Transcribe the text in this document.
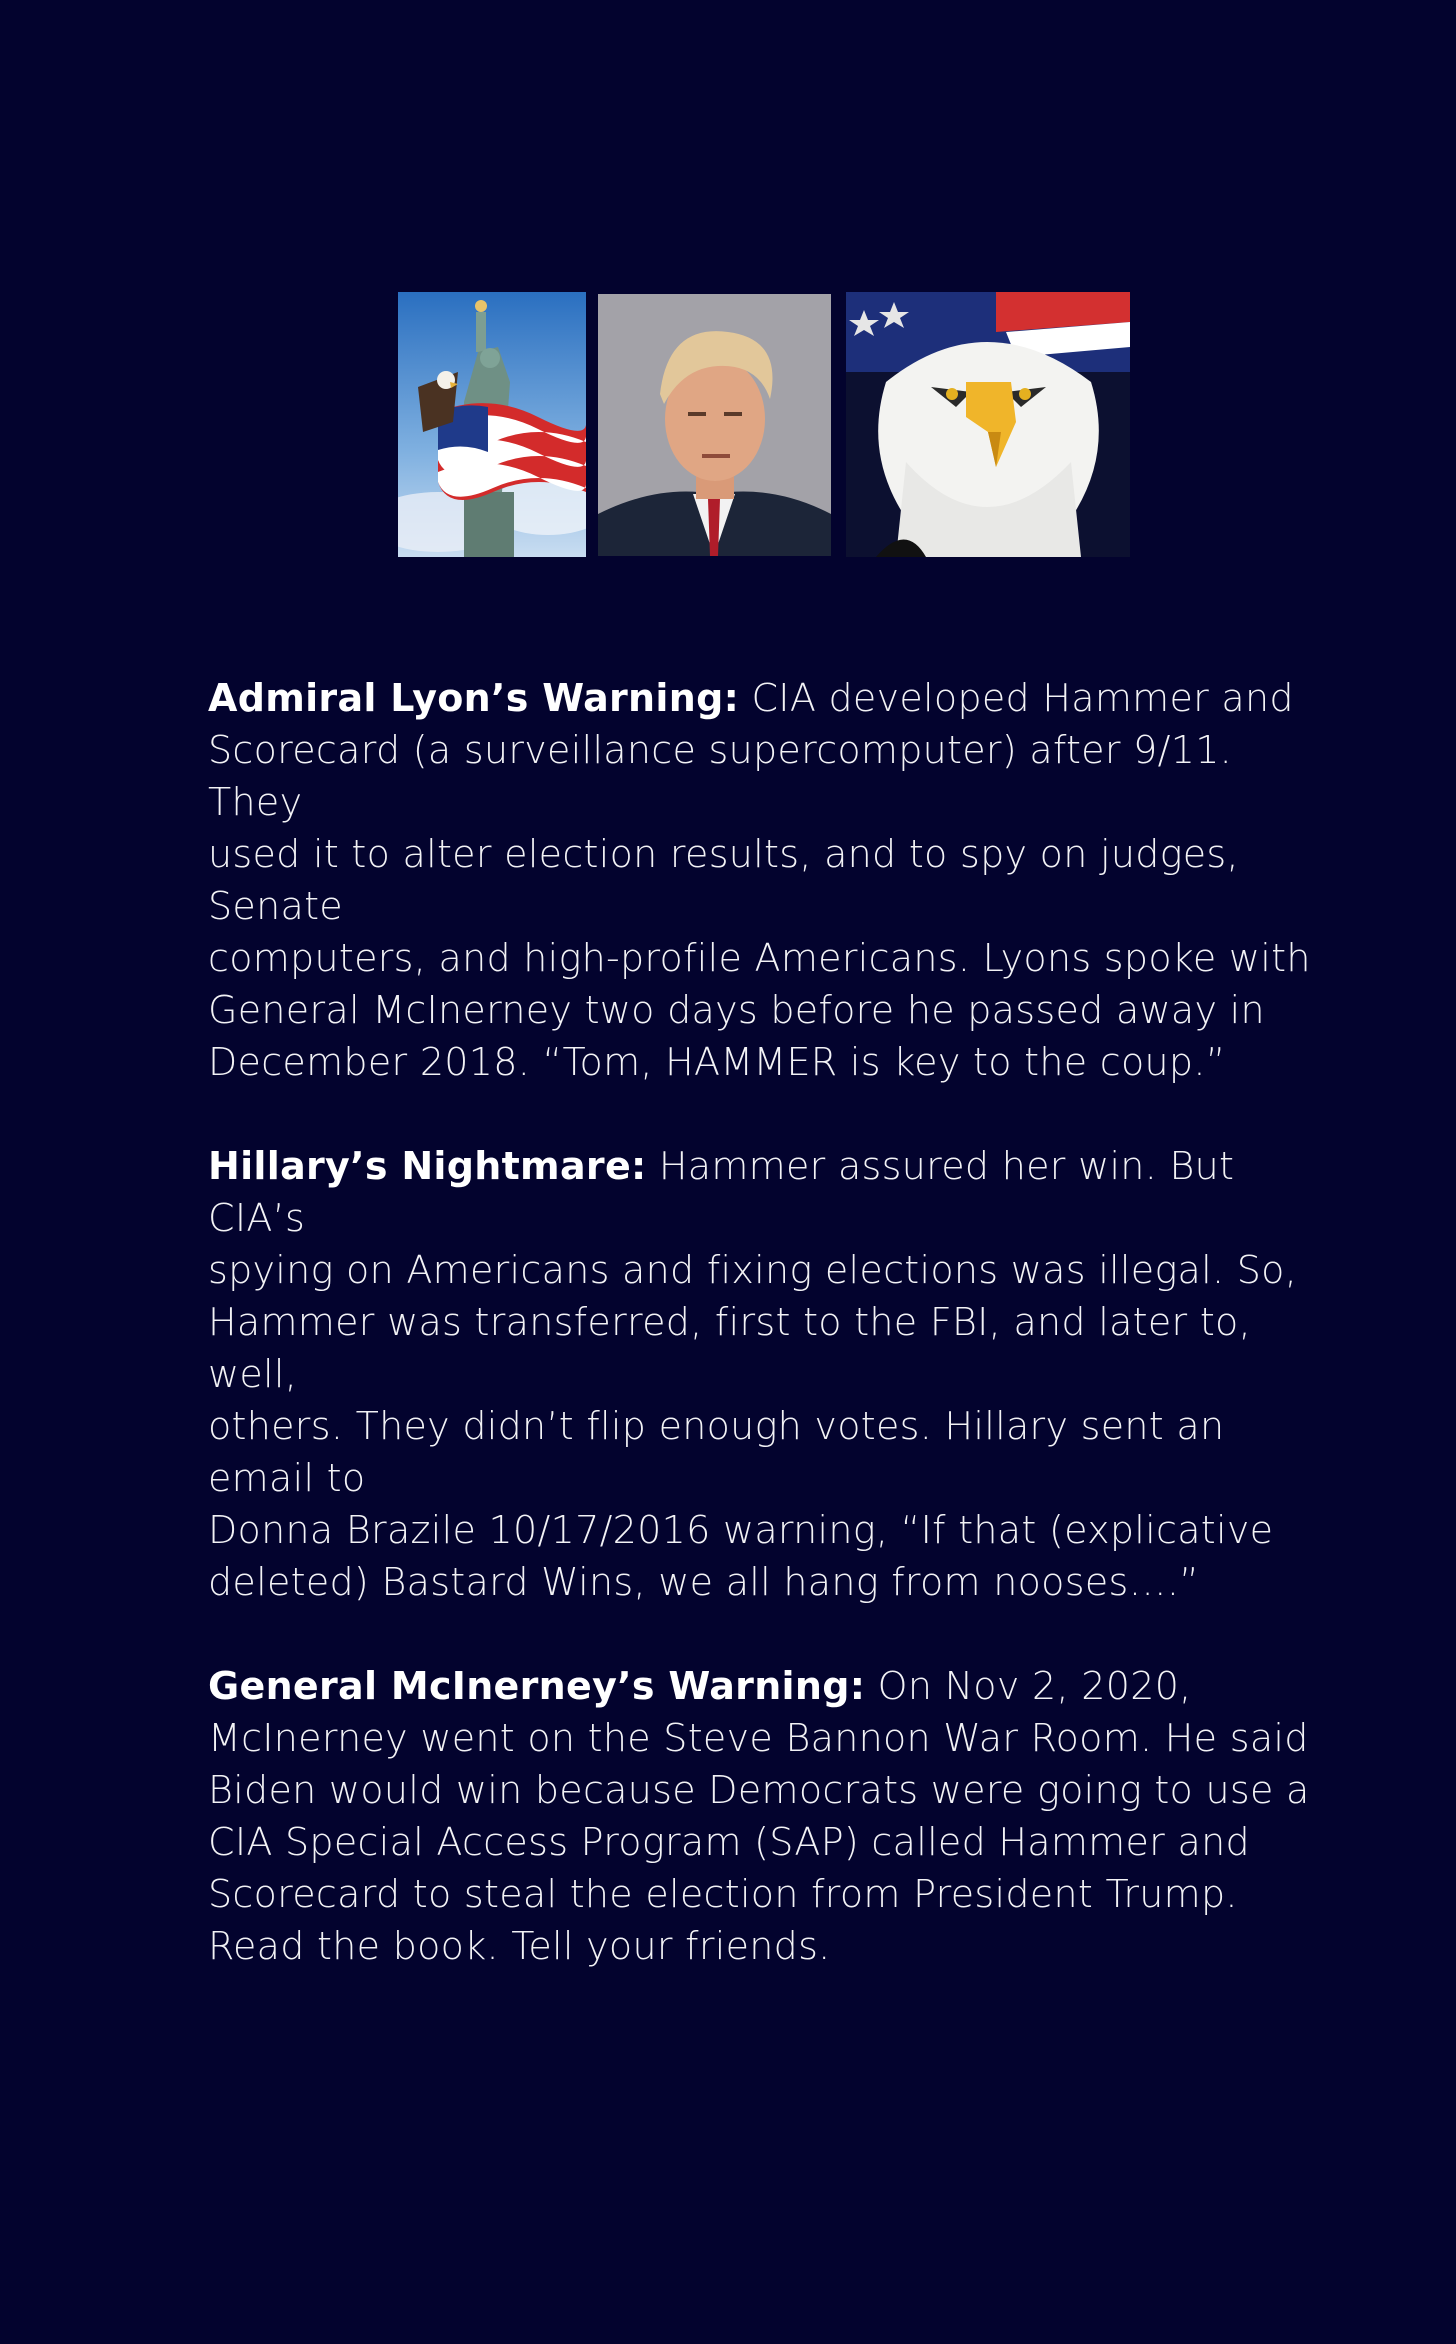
Admiral Lyon’s Warning: CIA developed Hammer and
Scorecard (a surveillance supercomputer) after 9/11. They
used it to alter election results, and to spy on judges, Senate
computers, and high-profile Americans. Lyons spoke with
General McInerney two days before he passed away in
December 2018. “Tom, HAMMER is key to the coup.”

Hillary’s Nightmare: Hammer assured her win. But CIA’s
spying on Americans and fixing elections was illegal. So,
Hammer was transferred, first to the FBI, and later to, well,
others. They didn’t flip enough votes. Hillary sent an email to
Donna Brazile 10/17/2016 warning, “If that (explicative
deleted) Bastard Wins, we all hang from nooses….”

General McInerney’s Warning: On Nov 2, 2020,
McInerney went on the Steve Bannon War Room. He said
Biden would win because Democrats were going to use a
CIA Special Access Program (SAP) called Hammer and
Scorecard to steal the election from President Trump.
Read the book. Tell your friends.
